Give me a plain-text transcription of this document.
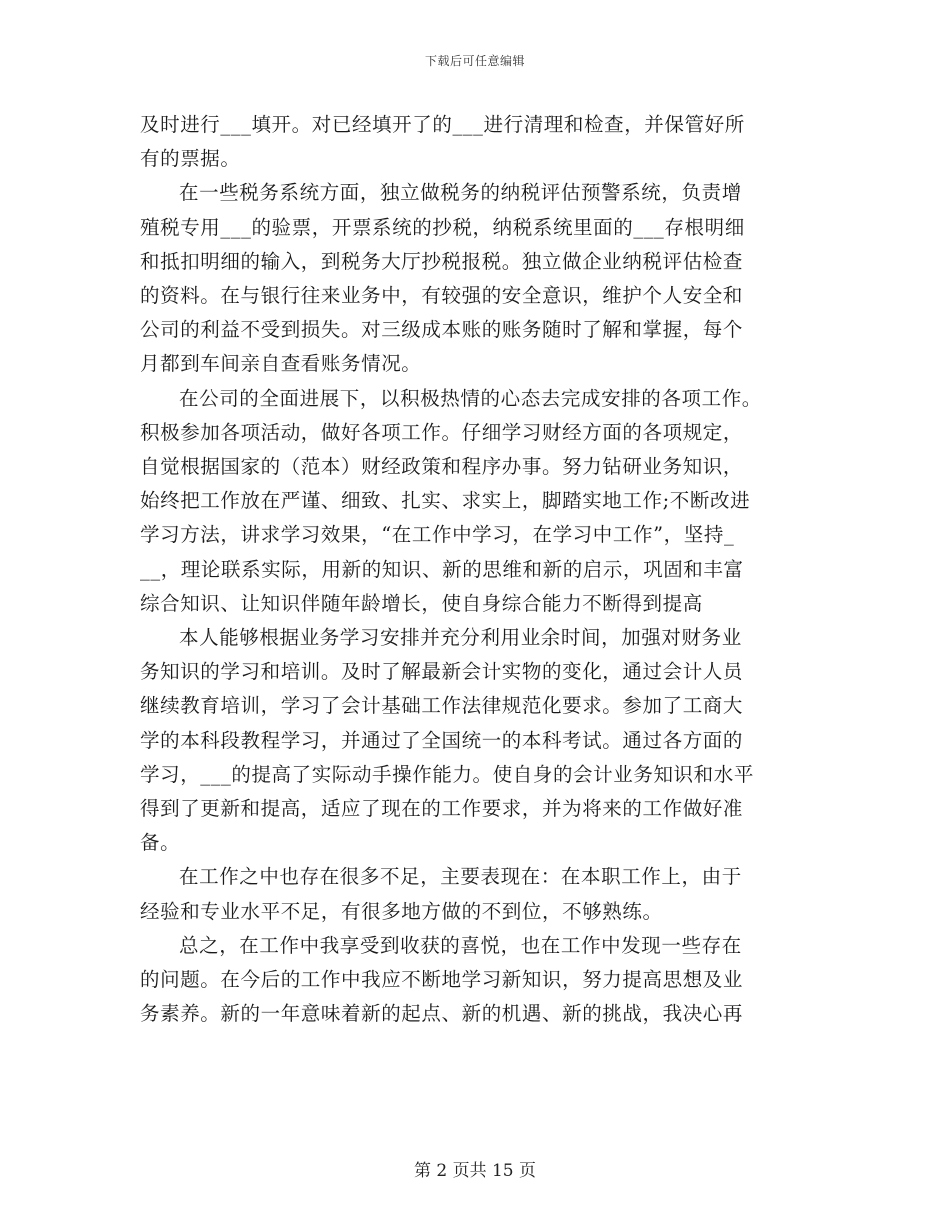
下载后可任意编辑

及时进行___填开。对已经填开了的___进行清理和检查，并保管好所
有的票据。

在一些税务系统方面，独立做税务的纳税评估预警系统，负责增
殖税专用___的验票，开票系统的抄税，纳税系统里面的___存根明细
和抵扣明细的输入，到税务大厅抄税报税。独立做企业纳税评估检查
的资料。在与银行往来业务中，有较强的安全意识，维护个人安全和
公司的利益不受到损失。对三级成本账的账务随时了解和掌握，每个
月都到车间亲自查看账务情况。

在公司的全面进展下，以积极热情的心态去完成安排的各项工作。
积极参加各项活动，做好各项工作。仔细学习财经方面的各项规定，
自觉根据国家的（范本）财经政策和程序办事。努力钻研业务知识，
始终把工作放在严谨、细致、扎实、求实上，脚踏实地工作;不断改进
学习方法，讲求学习效果，“在工作中学习，在学习中工作”，坚持_
__，理论联系实际，用新的知识、新的思维和新的启示，巩固和丰富
综合知识、让知识伴随年龄增长，使自身综合能力不断得到提高

本人能够根据业务学习安排并充分利用业余时间，加强对财务业
务知识的学习和培训。及时了解最新会计实物的变化，通过会计人员
继续教育培训，学习了会计基础工作法律规范化要求。参加了工商大
学的本科段教程学习，并通过了全国统一的本科考试。通过各方面的
学习，___的提高了实际动手操作能力。使自身的会计业务知识和水平
得到了更新和提高，适应了现在的工作要求，并为将来的工作做好准
备。

在工作之中也存在很多不足，主要表现在：在本职工作上，由于
经验和专业水平不足，有很多地方做的不到位，不够熟练。

总之，在工作中我享受到收获的喜悦，也在工作中发现一些存在
的问题。在今后的工作中我应不断地学习新知识，努力提高思想及业
务素养。新的一年意味着新的起点、新的机遇、新的挑战，我决心再

第 2 页共 15 页
